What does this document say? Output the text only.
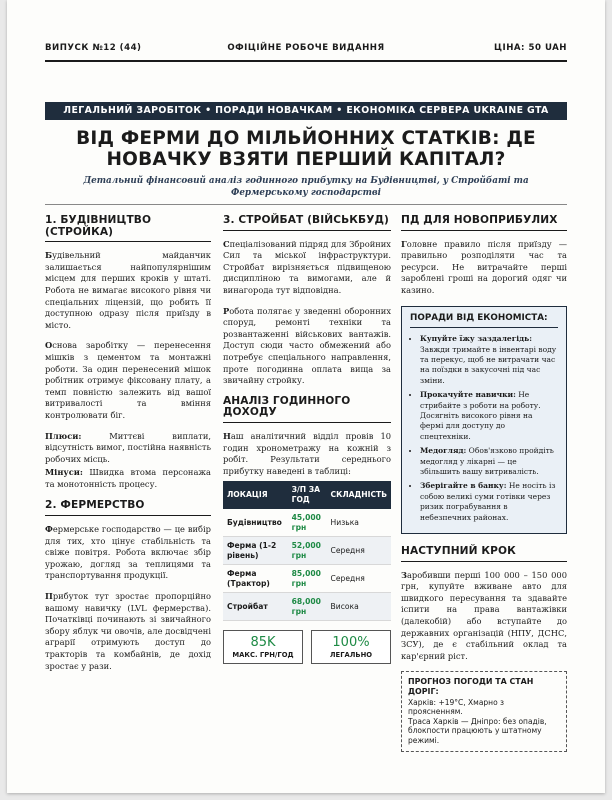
ВИПУСК №12 (44)	ОФІЦІЙНЕ РОБОЧЕ ВИДАННЯ	ЦІНА: 50 UAH
ЛЕГАЛЬНИЙ ЗАРОБІТОК • ПОРАДИ НОВАЧКАМ • ЕКОНОМІКА СЕРВЕРА UKRAINE GTA
ВІД ФЕРМИ ДО МІЛЬЙОННИХ СТАТКІВ: ДЕ НОВАЧКУ ВЗЯТИ ПЕРШИЙ КАПІТАЛ?

Детальний фінансовий аналіз годинного прибутку на Будівництві, у Стройбаті та Фермерському господарстві

1. БУДІВНИЦТВО (СТРОЙКА)

Будівельний майданчик залишається найпопулярнішим місцем для перших кроків у штаті. Робота не вимагає високого рівня чи спеціальних ліцензій, що робить її доступною одразу після приїзду в місто.

Основа заробітку — перенесення мішків з цементом та монтажні роботи. За один перенесений мішок робітник отримує фіксовану плату, а темп повністю залежить від вашої витривалості та вміння контролювати біг.

Плюси: Миттєві виплати, відсутність вимог, постійна наявність робочих місць.

Мінуси: Швидка втома персонажа та монотонність процесу.

2. ФЕРМЕРСТВО

Фермерське господарство — це вибір для тих, хто цінує стабільність та свіже повітря. Робота включає збір урожаю, догляд за теплицями та транспортування продукції.

Прибуток тут зростає пропорційно вашому навичку (LVL фермерства). Початківці починають зі звичайного збору яблук чи овочів, але досвідчені аграрії отримують доступ до тракторів та комбайнів, де дохід зростає у рази.

3. СТРОЙБАТ (ВІЙСЬКБУД)

Спеціалізований підряд для Збройних Сил та міської інфраструктури. Стройбат вирізняється підвищеною дисципліною та вимогами, але й винагорода тут відповідна.

Робота полягає у зведенні оборонних споруд, ремонті техніки та розвантаженні військових вантажів. Доступ сюди часто обмежений або потребує спеціального направлення, проте погодинна оплата вища за звичайну стройку.

АНАЛІЗ ГОДИННОГО ДОХОДУ

Наш аналітичний відділ провів 10 годин хронометражу на кожній з робіт. Результати середнього прибутку наведені в таблиці:

ЛОКАЦІЯ	З/П ЗА ГОД	СКЛАДНІСТЬ
Будівництво	45,000 грн	Низька
Ферма (1-2 рівень)	52,000 грн	Середня
Ферма (Трактор)	85,000 грн	Середня
Стройбат	68,000 грн	Висока
85K
МАКС. ГРН/ГОД
100%
ЛЕГАЛЬНО
ПД ДЛЯ НОВОПРИБУЛИХ

Головне правило після приїзду — правильно розподіляти час та ресурси. Не витрачайте перші зароблені гроші на дорогий одяг чи казино.

ПОРАДИ ВІД ЕКОНОМІСТА:
• Купуйте їжу заздалегідь: Завжди тримайте в інвентарі воду та перекус, щоб не витрачати час на поїздки в закусочні під час зміни.
• Прокачуйте навички: Не стрибайте з роботи на роботу. Досягніть високого рівня на фермі для доступу до спецтехніки.
• Медогляд: Обов'язково пройдіть медогляд у лікарні — це збільшить вашу витривалість.
• Зберігайте в банку: Не носіть із собою великі суми готівки через ризик пограбування в небезпечних районах.
НАСТУПНИЙ КРОК

Заробивши перші 100 000 – 150 000 грн, купуйте вживане авто для швидкого пересування та здавайте іспити на права вантажівки (далекобій) або вступайте до державних організацій (НПУ, ДСНС, ЗСУ), де є стабільний оклад та кар'єрний ріст.

ПРОГНОЗ ПОГОДИ ТА СТАН ДОРІГ:
Харків: +19°С, Хмарно з проясненням.
Траса Харків — Дніпро: без опадів, блокпости працюють у штатному режимі.
